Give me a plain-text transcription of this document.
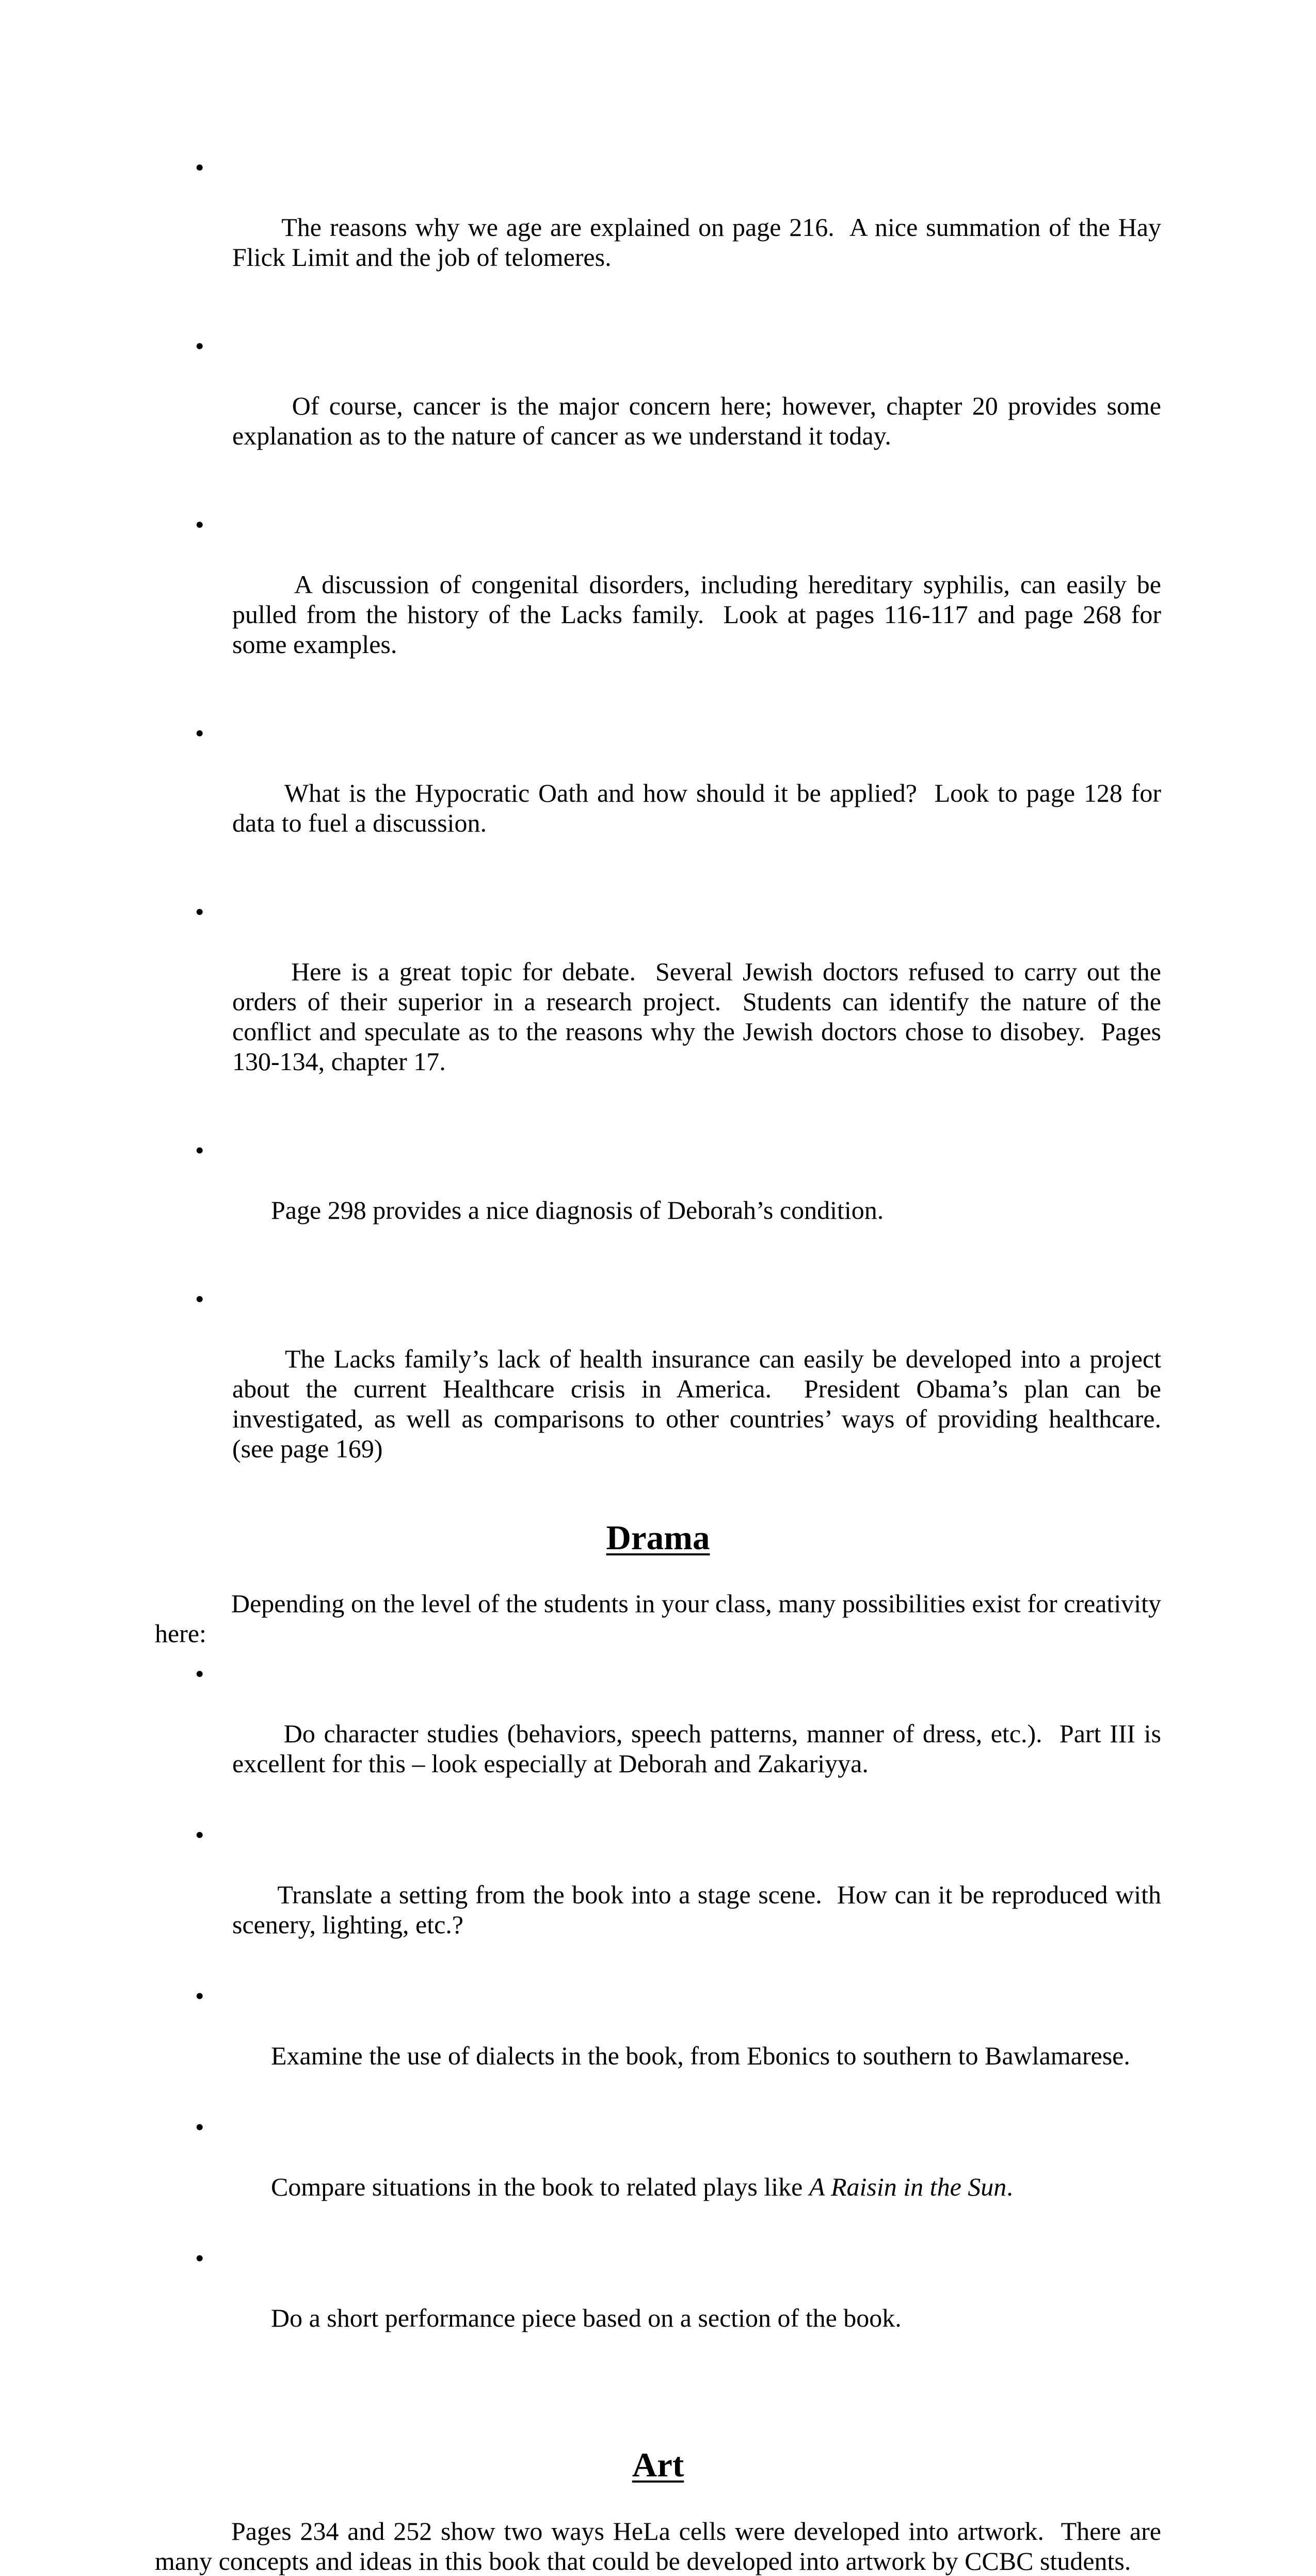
•

The reasons why we age are explained on page 216.  A nice summation of the Hay Flick Limit and the job of telomeres.

•

Of course, cancer is the major concern here; however, chapter 20 provides some explanation as to the nature of cancer as we understand it today.

•

A discussion of congenital disorders, including hereditary syphilis, can easily be pulled from the history of the Lacks family.  Look at pages 116-117 and page 268 for some examples.

•

What is the Hypocratic Oath and how should it be applied?  Look to page 128 for data to fuel a discussion.

•

Here is a great topic for debate.  Several Jewish doctors refused to carry out the orders of their superior in a research project.  Students can identify the nature of the conflict and speculate as to the reasons why the Jewish doctors chose to disobey.  Pages 130-134, chapter 17.

•

Page 298 provides a nice diagnosis of Deborah’s condition.

•

The Lacks family’s lack of health insurance can easily be developed into a project about the current Healthcare crisis in America.  President Obama’s plan can be investigated, as well as comparisons to other countries’ ways of providing healthcare.  (see page 169)

Drama

Depending on the level of the students in your class, many possibilities exist for creativity here:

•

Do character studies (behaviors, speech patterns, manner of dress, etc.).  Part III is excellent for this – look especially at Deborah and Zakariyya.

•

Translate a setting from the book into a stage scene.  How can it be reproduced with scenery, lighting, etc.?

•

Examine the use of dialects in the book, from Ebonics to southern to Bawlamarese.

•

Compare situations in the book to related plays like A Raisin in the Sun.

•

Do a short performance piece based on a section of the book.

Art

Pages 234 and 252 show two ways HeLa cells were developed into artwork.  There are many concepts and ideas in this book that could be developed into artwork by CCBC students.
